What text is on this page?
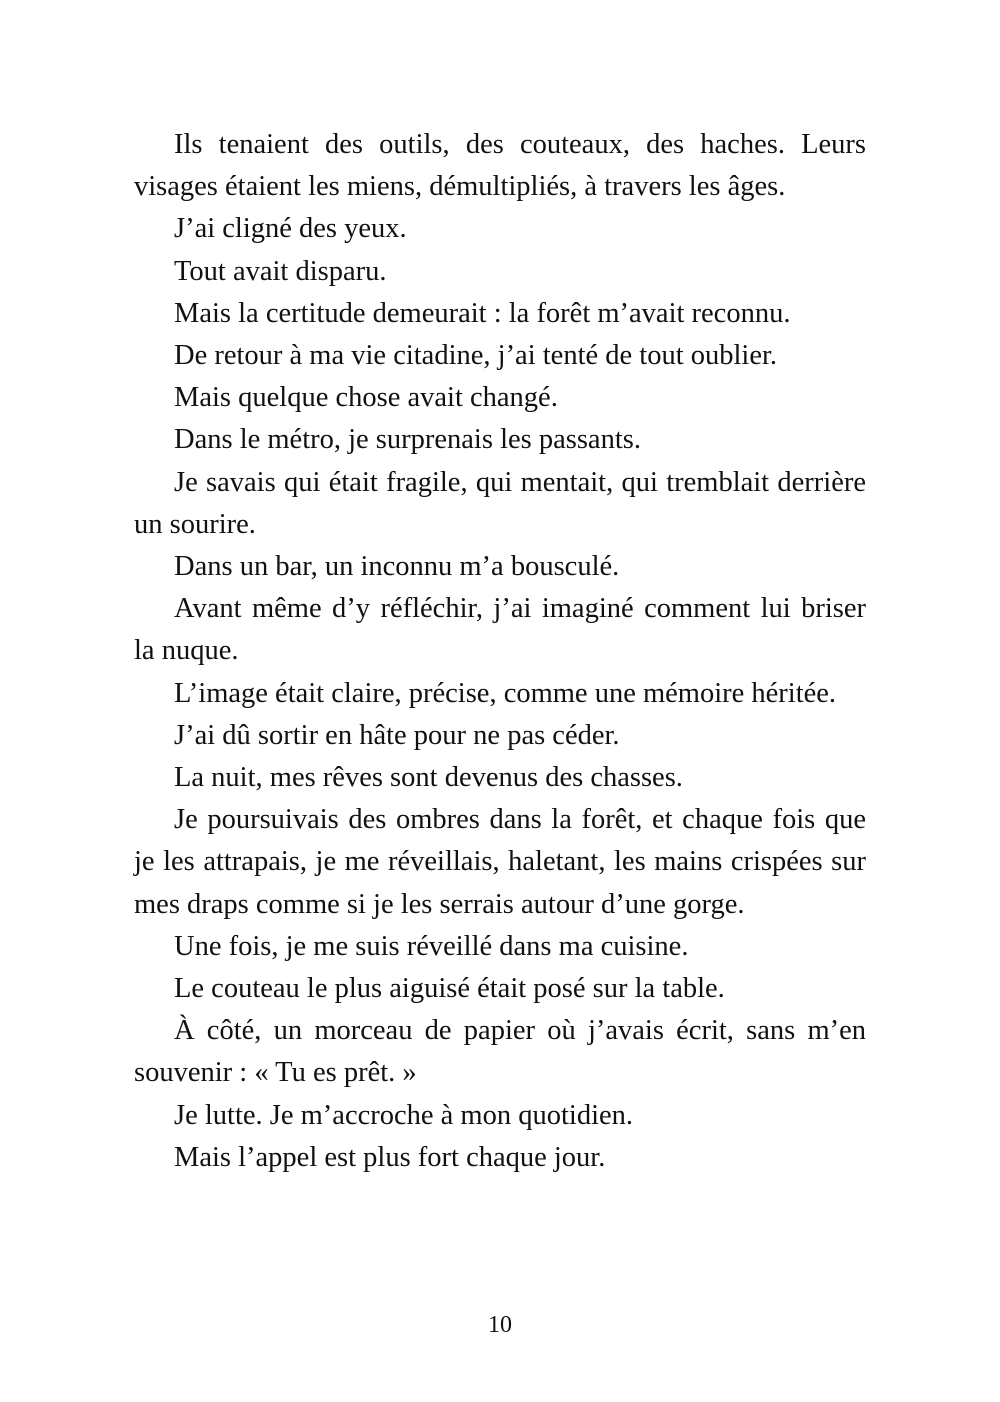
Ils tenaient des outils, des couteaux, des haches. Leurs visages étaient les miens, démultipliés, à travers les âges.

J’ai cligné des yeux.

Tout avait disparu.

Mais la certitude demeurait : la forêt m’avait reconnu.

De retour à ma vie citadine, j’ai tenté de tout oublier.

Mais quelque chose avait changé.

Dans le métro, je surprenais les passants.

Je savais qui était fragile, qui mentait, qui tremblait derrière un sourire.

Dans un bar, un inconnu m’a bousculé.

Avant même d’y réfléchir, j’ai imaginé comment lui briser la nuque.

L’image était claire, précise, comme une mémoire héritée.

J’ai dû sortir en hâte pour ne pas céder.

La nuit, mes rêves sont devenus des chasses.

Je poursuivais des ombres dans la forêt, et chaque fois que je les attrapais, je me réveillais, haletant, les mains crispées sur mes draps comme si je les serrais autour d’une gorge.

Une fois, je me suis réveillé dans ma cuisine.

Le couteau le plus aiguisé était posé sur la table.

À côté, un morceau de papier où j’avais écrit, sans m’en souvenir : « Tu es prêt. »

Je lutte. Je m’accroche à mon quotidien.

Mais l’appel est plus fort chaque jour.

10
